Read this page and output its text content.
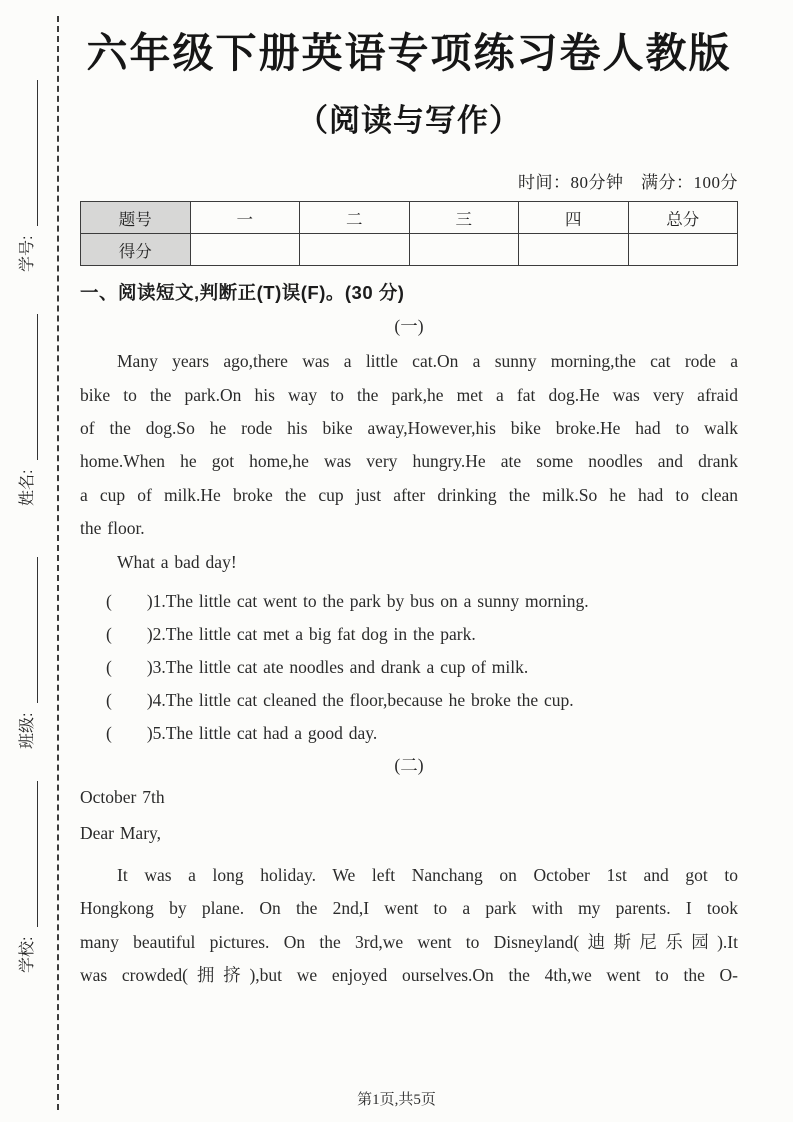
学号:
姓名:
班级:
学校:
六年级下册英语专项练习卷人教版
（阅读与写作）
时间：80分钟　满分：100分
题号	一	二	三	四	总分
得分					
一、阅读短文,判断正(T)误(F)。(30 分)
(一)
Many years ago,there was a little cat.On a sunny morning,the cat rode a
bike to the park.On his way to the park,he met a fat dog.He was very afraid
of the dog.So he rode his bike away,However,his bike broke.He had to walk
home.When he got home,he was very hungry.He ate some noodles and drank
a cup of milk.He broke the cup just after drinking the milk.So he had to clean
the floor.
What a bad day!
(　　)1.The little cat went to the park by bus on a sunny morning.
(　　)2.The little cat met a big fat dog in the park.
(　　)3.The little cat ate noodles and drank a cup of milk.
(　　)4.The little cat cleaned the floor,because he broke the cup.
(　　)5.The little cat had a good day.
(二)
October 7th
Dear Mary,
It was a long holiday. We left Nanchang on October 1st and got to
Hongkong by plane. On the 2nd,I went to a park with my parents. I took
many beautiful pictures. On the 3rd,we went to Disneyland(迪斯尼乐园).It
was crowded(拥挤),but we enjoyed ourselves.On the 4th,we went to the O-
第1页,共5页
